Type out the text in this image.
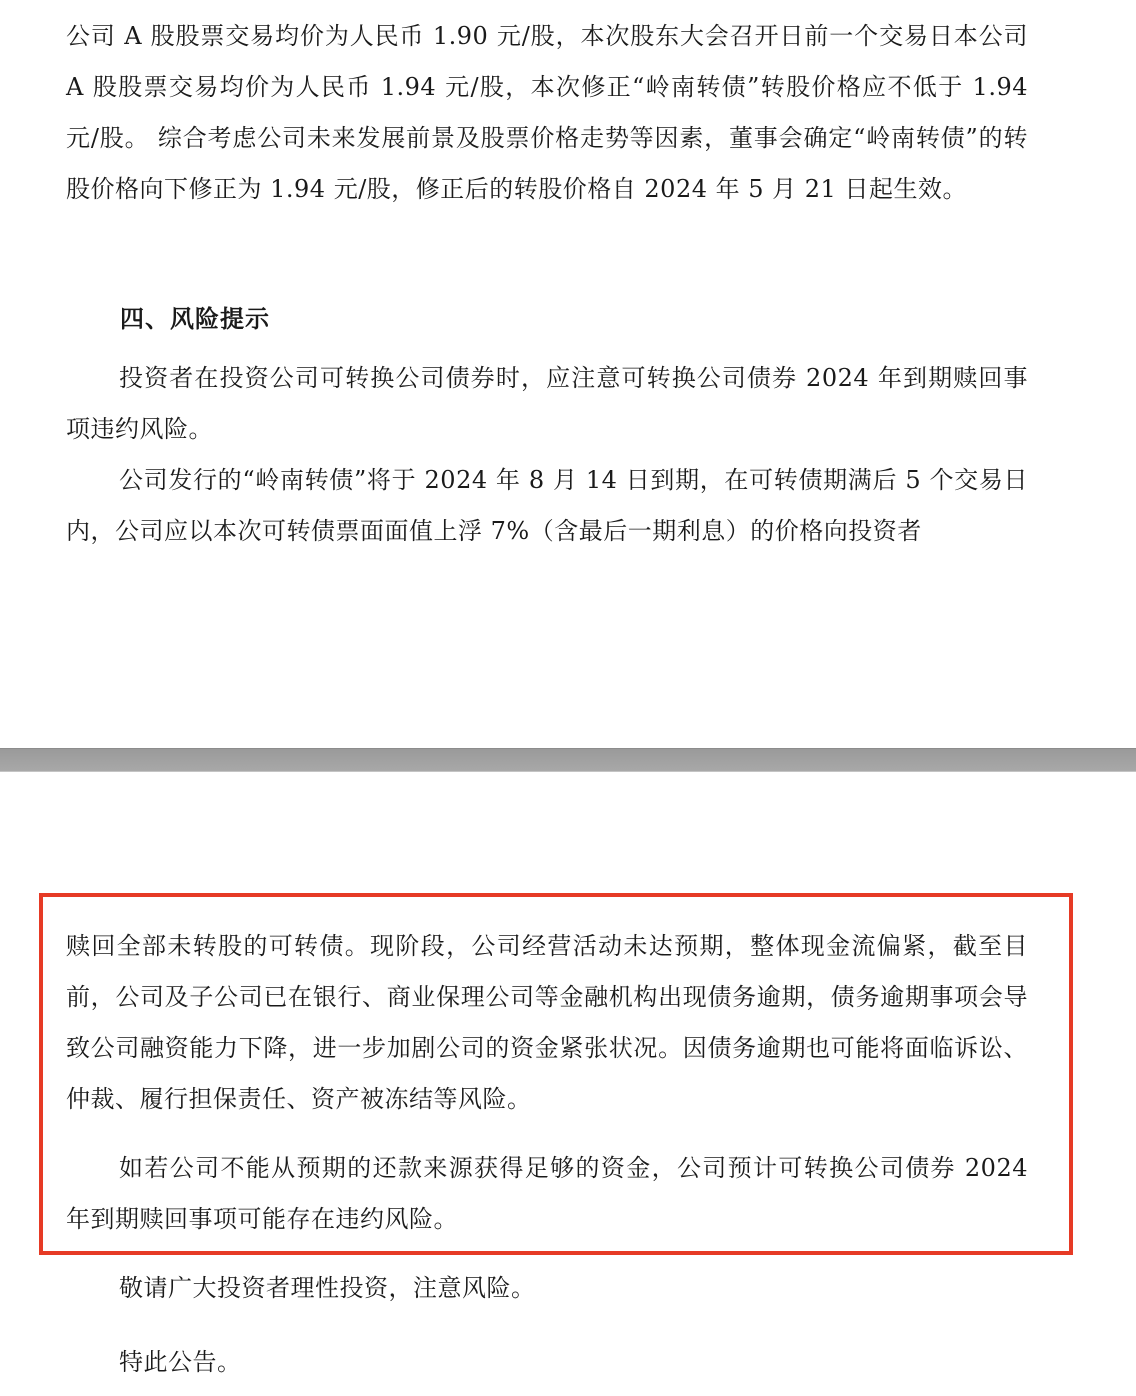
公司 A 股股票交易均价为人民币 1.90 元/股，本次股东大会召开日前一个交易日本公司 A 股股票交易均价为人民币 1.94 元/股，本次修正“岭南转债”转股价格应不低于 1.94 元/股。 综合考虑公司未来发展前景及股票价格走势等因素，董事会确定“岭南转债”的转股价格向下修正为 1.94 元/股，修正后的转股价格自 2024 年 5 月 21 日起生效。

四、风险提示

投资者在投资公司可转换公司债券时，应注意可转换公司债券 2024 年到期赎回事项违约风险。

公司发行的“岭南转债”将于 2024 年 8 月 14 日到期，在可转债期满后 5 个交易日内，公司应以本次可转债票面面值上浮 7%（含最后一期利息）的价格向投资者

赎回全部未转股的可转债。现阶段，公司经营活动未达预期，整体现金流偏紧，截至目前，公司及子公司已在银行、商业保理公司等金融机构出现债务逾期，债务逾期事项会导致公司融资能力下降，进一步加剧公司的资金紧张状况。因债务逾期也可能将面临诉讼、仲裁、履行担保责任、资产被冻结等风险。

如若公司不能从预期的还款来源获得足够的资金，公司预计可转换公司债券 2024 年到期赎回事项可能存在违约风险。

敬请广大投资者理性投资，注意风险。

特此公告。
